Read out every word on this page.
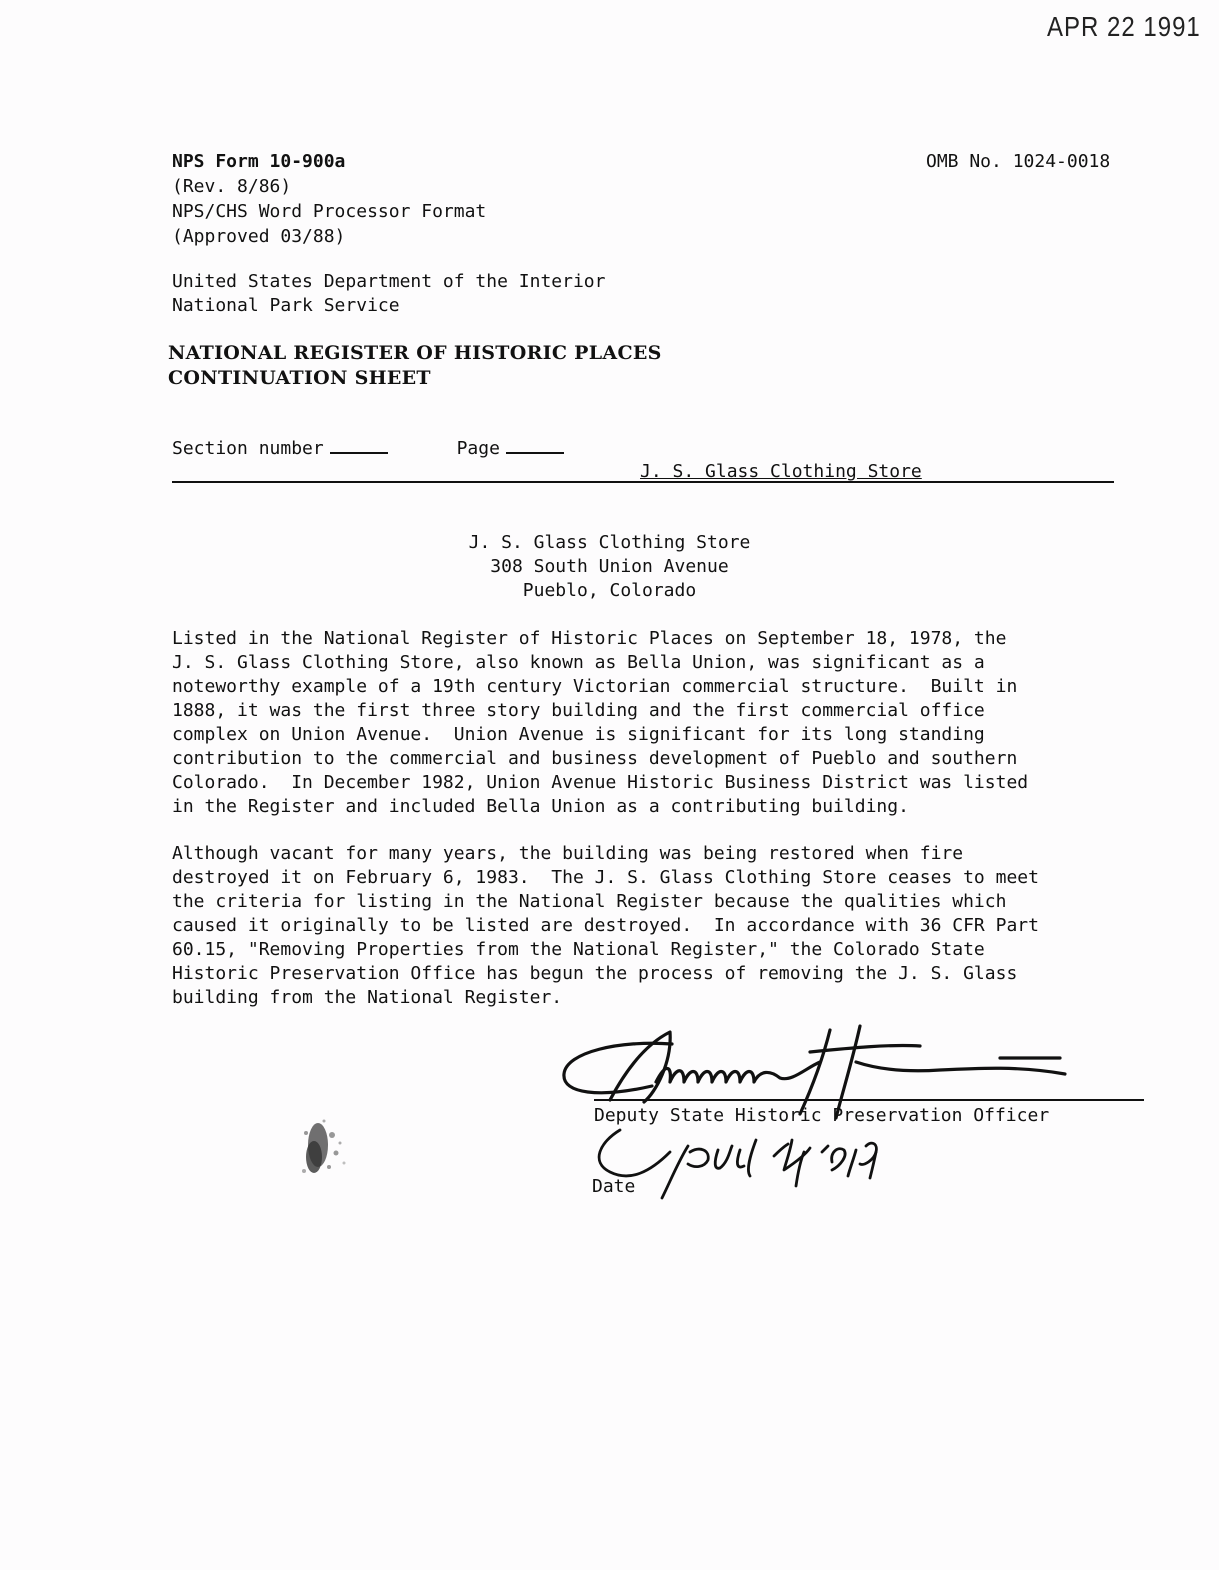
APR 22 1991
NPS Form 10-900a
(Rev. 8/86)
NPS/CHS Word Processor Format
(Approved 03/88)
OMB No. 1024-0018
United States Department of the Interior
National Park Service
NATIONAL REGISTER OF HISTORIC PLACES
CONTINUATION SHEET
Section number	Page
J. S. Glass Clothing Store
J. S. Glass Clothing Store
308 South Union Avenue
Pueblo, Colorado
Listed in the National Register of Historic Places on September 18, 1978, the
J. S. Glass Clothing Store, also known as Bella Union, was significant as a
noteworthy example of a 19th century Victorian commercial structure.  Built in
1888, it was the first three story building and the first commercial office
complex on Union Avenue.  Union Avenue is significant for its long standing
contribution to the commercial and business development of Pueblo and southern
Colorado.  In December 1982, Union Avenue Historic Business District was listed
in the Register and included Bella Union as a contributing building.
Although vacant for many years, the building was being restored when fire
destroyed it on February 6, 1983.  The J. S. Glass Clothing Store ceases to meet
the criteria for listing in the National Register because the qualities which
caused it originally to be listed are destroyed.  In accordance with 36 CFR Part
60.15, "Removing Properties from the National Register," the Colorado State
Historic Preservation Office has begun the process of removing the J. S. Glass
building from the National Register.
Deputy State Historic Preservation Officer
Date
